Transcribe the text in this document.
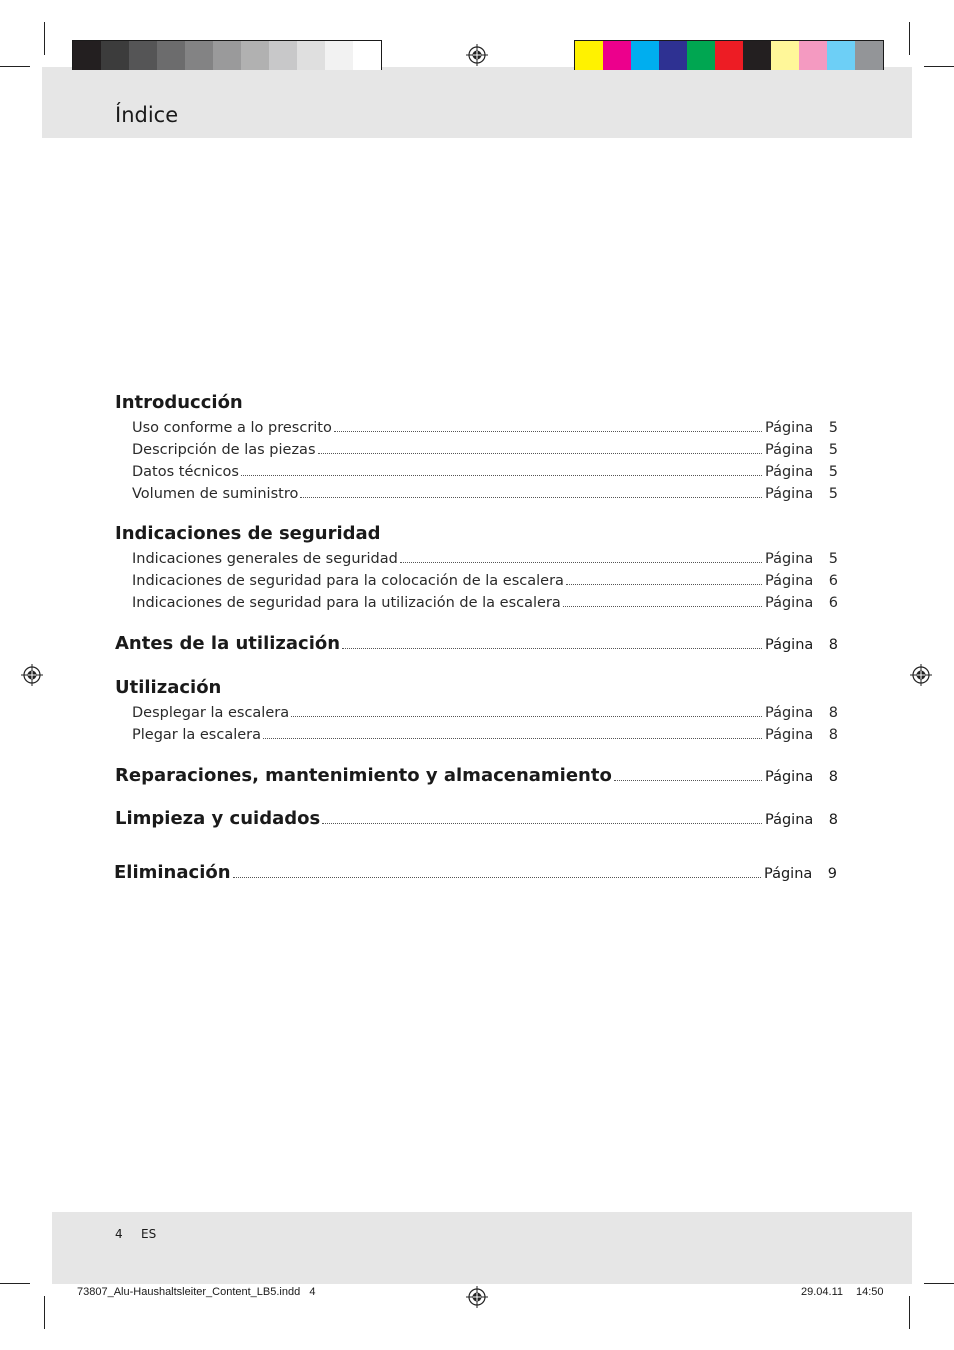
Índice
Introducción
Uso conforme a lo prescrito	Página	5
Descripción de las piezas	Página	5
Datos técnicos	Página	5
Volumen de suministro	Página	5
Indicaciones de seguridad
Indicaciones generales de seguridad	Página	5
Indicaciones de seguridad para la colocación de la escalera	Página	6
Indicaciones de seguridad para la utilización de la escalera	Página	6
Antes de la utilización	Página	8
Utilización
Desplegar la escalera	Página	8
Plegar la escalera	Página	8
Reparaciones, mantenimiento y almacenamiento	Página	8
Limpieza y cuidados	Página	8
Eliminación	Página	9
4 ES
73807_Alu-Haushaltsleiter_Content_LB5.indd   4	29.04.11 14:50
